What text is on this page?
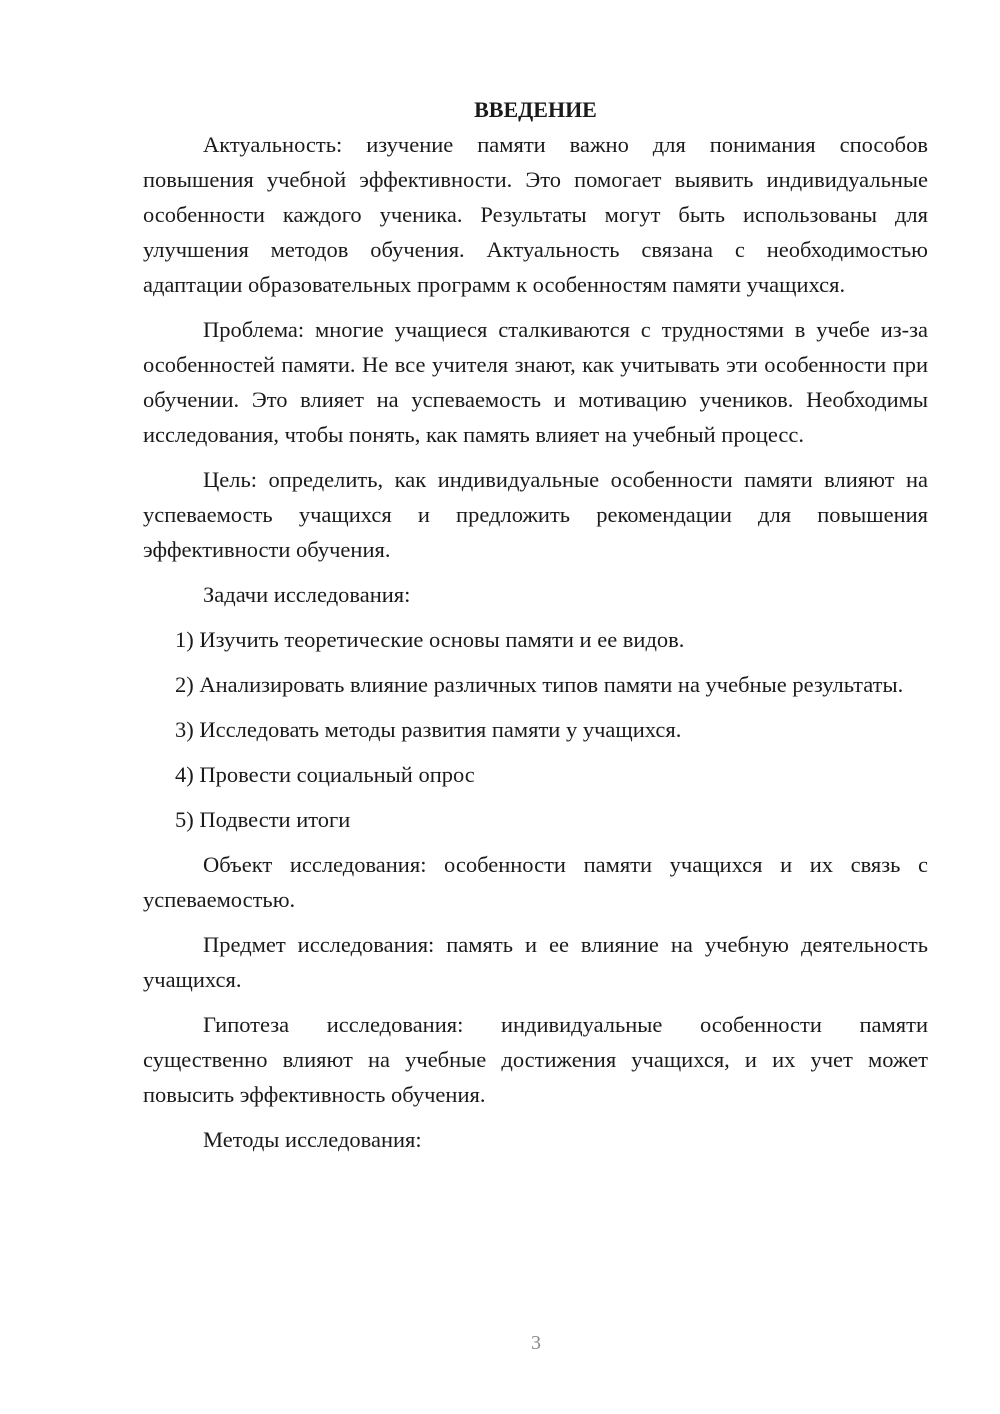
ВВЕДЕНИЕ

Актуальность: изучение памяти важно для понимания способов повышения учебной эффективности. Это помогает выявить индивидуальные особенности каждого ученика. Результаты могут быть использованы для улучшения методов обучения. Актуальность связана с необходимостью адаптации образовательных программ к особенностям памяти учащихся.

Проблема: многие учащиеся сталкиваются с трудностями в учебе из-за особенностей памяти. Не все учителя знают, как учитывать эти особенности при обучении. Это влияет на успеваемость и мотивацию учеников. Необходимы исследования, чтобы понять, как память влияет на учебный процесс.

Цель: определить, как индивидуальные особенности памяти влияют на успеваемость учащихся и предложить рекомендации для повышения эффективности обучения.

Задачи исследования:

1) Изучить теоретические основы памяти и ее видов.

2) Анализировать влияние различных типов памяти на учебные результаты.

3) Исследовать методы развития памяти у учащихся.

4) Провести социальный опрос

5) Подвести итоги

Объект исследования: особенности памяти учащихся и их связь с успеваемостью.

Предмет исследования: память и ее влияние на учебную деятельность учащихся.

Гипотеза исследования: индивидуальные особенности памяти существенно влияют на учебные достижения учащихся, и их учет может повысить эффективность обучения.

Методы исследования:

3
